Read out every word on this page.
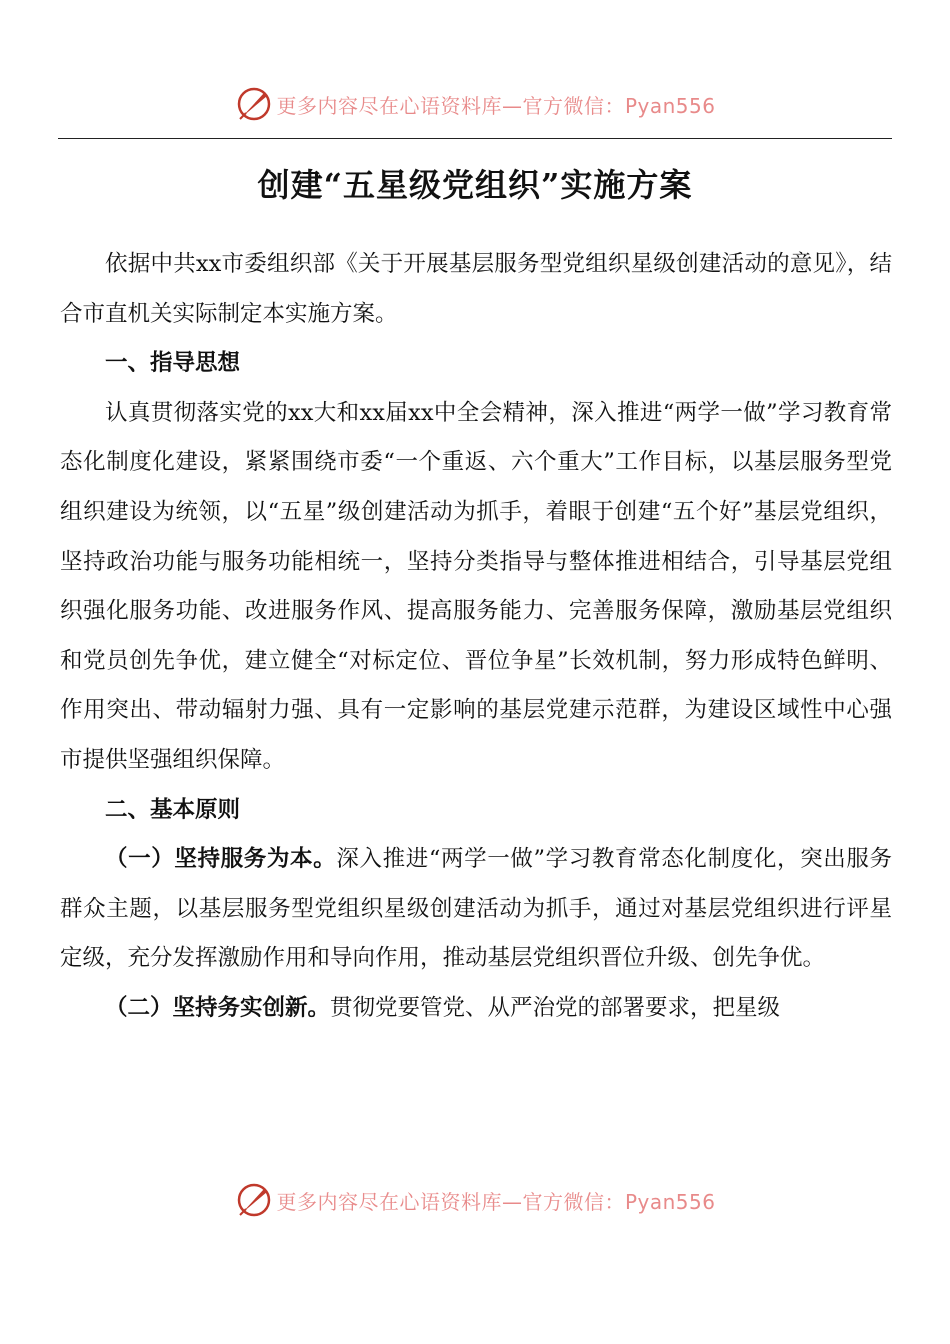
更多内容尽在心语资料库—官方微信：Pyan556
创建“五星级党组织”实施方案

依据中共xx市委组织部《关于开展基层服务型党组织星级创建活动的意见》，结合市直机关实际制定本实施方案。

一、指导思想

认真贯彻落实党的xx大和xx届xx中全会精神，深入推进“两学一做”学习教育常态化制度化建设，紧紧围绕市委“一个重返、六个重大”工作目标，以基层服务型党组织建设为统领，以“五星”级创建活动为抓手，着眼于创建“五个好”基层党组织，坚持政治功能与服务功能相统一，坚持分类指导与整体推进相结合，引导基层党组织强化服务功能、改进服务作风、提高服务能力、完善服务保障，激励基层党组织和党员创先争优，建立健全“对标定位、晋位争星”长效机制，努力形成特色鲜明、作用突出、带动辐射力强、具有一定影响的基层党建示范群，为建设区域性中心强市提供坚强组织保障。

二、基本原则

（一）坚持服务为本。深入推进“两学一做”学习教育常态化制度化，突出服务群众主题，以基层服务型党组织星级创建活动为抓手，通过对基层党组织进行评星定级，充分发挥激励作用和导向作用，推动基层党组织晋位升级、创先争优。

（二）坚持务实创新。贯彻党要管党、从严治党的部署要求，把星级

更多内容尽在心语资料库—官方微信：Pyan556
